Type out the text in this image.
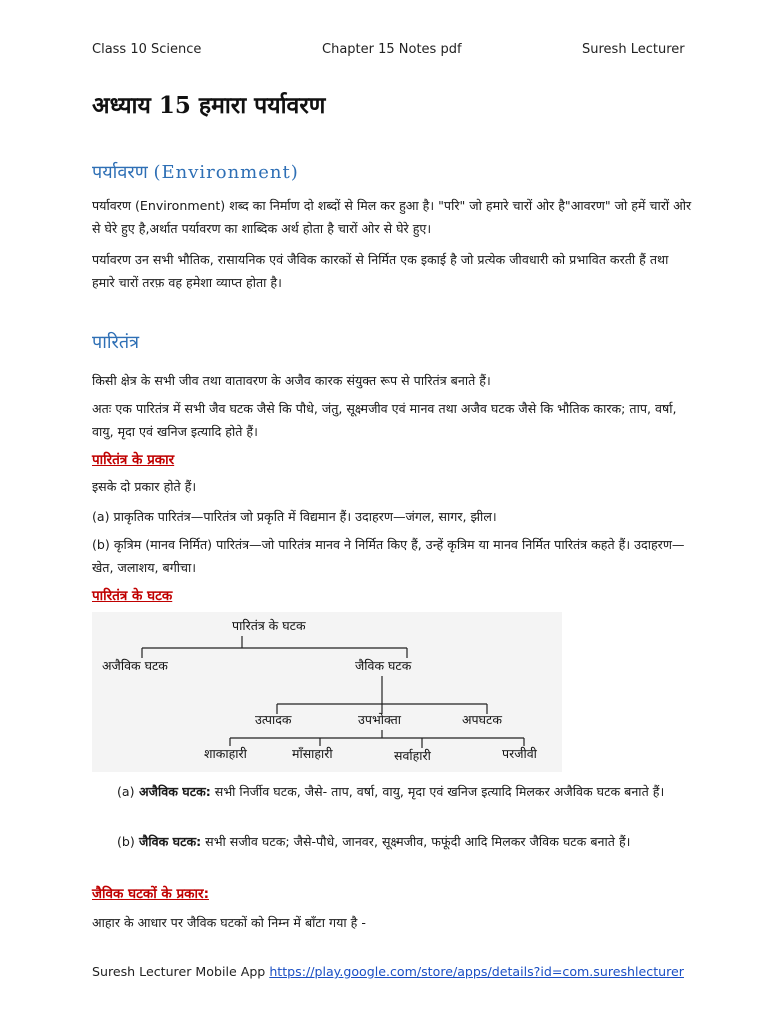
Class 10 Science	Chapter 15 Notes pdf	Suresh Lecturer
अध्याय 15 हमारा पर्यावरण
पर्यावरण (Environment)

पर्यावरण (Environment) शब्द का निर्माण दो शब्दों से मिल कर हुआ है। "परि" जो हमारे चारों ओर है"आवरण" जो हमें चारों ओर से घेरे हुए है,अर्थात पर्यावरण का शाब्दिक अर्थ होता है चारों ओर से घेरे हुए।

पर्यावरण उन सभी भौतिक, रासायनिक एवं जैविक कारकों से निर्मित एक इकाई है जो प्रत्येक जीवधारी को प्रभावित करती हैं तथा हमारे चारों तरफ़ वह हमेशा व्याप्त होता है।

पारितंत्र

किसी क्षेत्र के सभी जीव तथा वातावरण के अजैव कारक संयुक्त रूप से पारितंत्र बनाते हैं।

अतः एक पारितंत्र में सभी जैव घटक जैसे कि पौधे, जंतु, सूक्ष्मजीव एवं मानव तथा अजैव घटक जैसे कि भौतिक कारक; ताप, वर्षा, वायु, मृदा एवं खनिज इत्यादि होते हैं।

पारितंत्र के प्रकार

इसके दो प्रकार होते हैं।

(a) प्राकृतिक पारितंत्र—पारितंत्र जो प्रकृति में विद्यमान हैं। उदाहरण—जंगल, सागर, झील।

(b) कृत्रिम (मानव निर्मित) पारितंत्र—जो पारितंत्र मानव ने निर्मित किए हैं, उन्हें कृत्रिम या मानव निर्मित पारितंत्र कहते हैं। उदाहरण—खेत, जलाशय, बगीचा।

पारितंत्र के घटक

पारितंत्र के घटक
अजैविक घटक	जैविक घटक
उत्पादक	उपभोक्ता	अपघटक
शाकाहारी	माँसाहारी	सर्वाहारी	परजीवी

(a) अजैविक घटक: सभी निर्जीव घटक, जैसे- ताप, वर्षा, वायु, मृदा एवं खनिज इत्यादि मिलकर अजैविक घटक बनाते हैं।

(b) जैविक घटक: सभी सजीव घटक; जैसे-पौधे, जानवर, सूक्ष्मजीव, फफूंदी आदि मिलकर जैविक घटक बनाते हैं।

जैविक घटकों के प्रकार:

आहार के आधार पर जैविक घटकों को निम्न में बाँटा गया है -

Suresh Lecturer Mobile App https://play.google.com/store/apps/details?id=com.sureshlecturer
